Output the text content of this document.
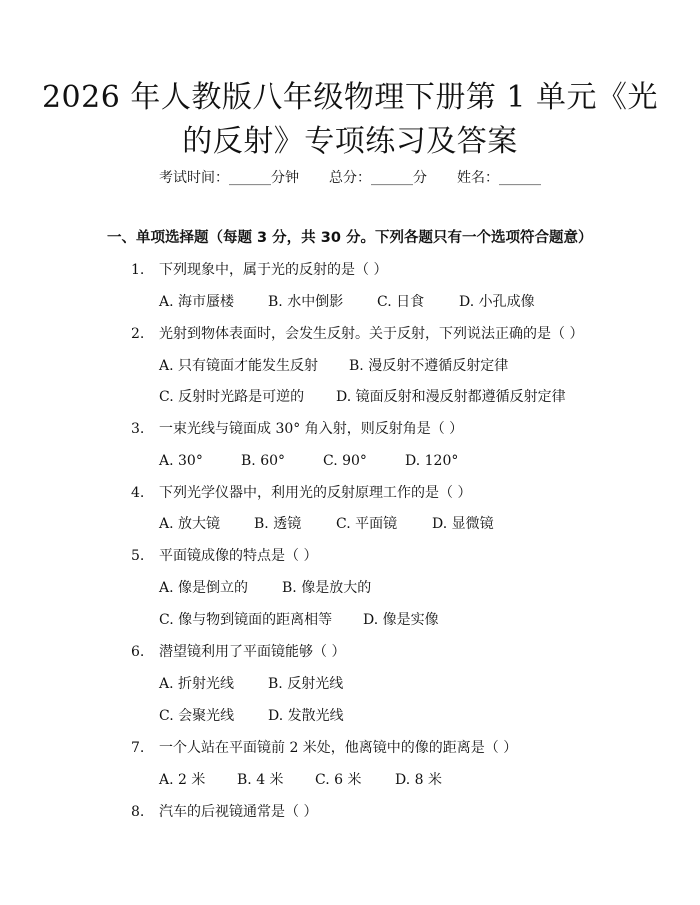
2026 年人教版八年级物理下册第 1 单元《光
的反射》专项练习及答案
考试时间：______分钟 总分：______分 姓名：______
一、单项选择题（每题 3 分，共 30 分。下列各题只有一个选项符合题意）
1. 下列现象中，属于光的反射的是（ ）
A. 海市蜃楼 B. 水中倒影 C. 日食 D. 小孔成像
2. 光射到物体表面时，会发生反射。关于反射，下列说法正确的是（ ）
A. 只有镜面才能发生反射 B. 漫反射不遵循反射定律
C. 反射时光路是可逆的 D. 镜面反射和漫反射都遵循反射定律
3. 一束光线与镜面成 30° 角入射，则反射角是（ ）
A. 30°	B. 60°	C. 90°	D. 120°
4. 下列光学仪器中，利用光的反射原理工作的是（ ）
A. 放大镜 B. 透镜 C. 平面镜 D. 显微镜
5. 平面镜成像的特点是（ ）
A. 像是倒立的 B. 像是放大的
C. 像与物到镜面的距离相等 D. 像是实像
6. 潜望镜利用了平面镜能够（ ）
A. 折射光线 B. 反射光线
C. 会聚光线 D. 发散光线
7. 一个人站在平面镜前 2 米处，他离镜中的像的距离是（ ）
A. 2 米 B. 4 米 C. 6 米 D. 8 米
8. 汽车的后视镜通常是（ ）
